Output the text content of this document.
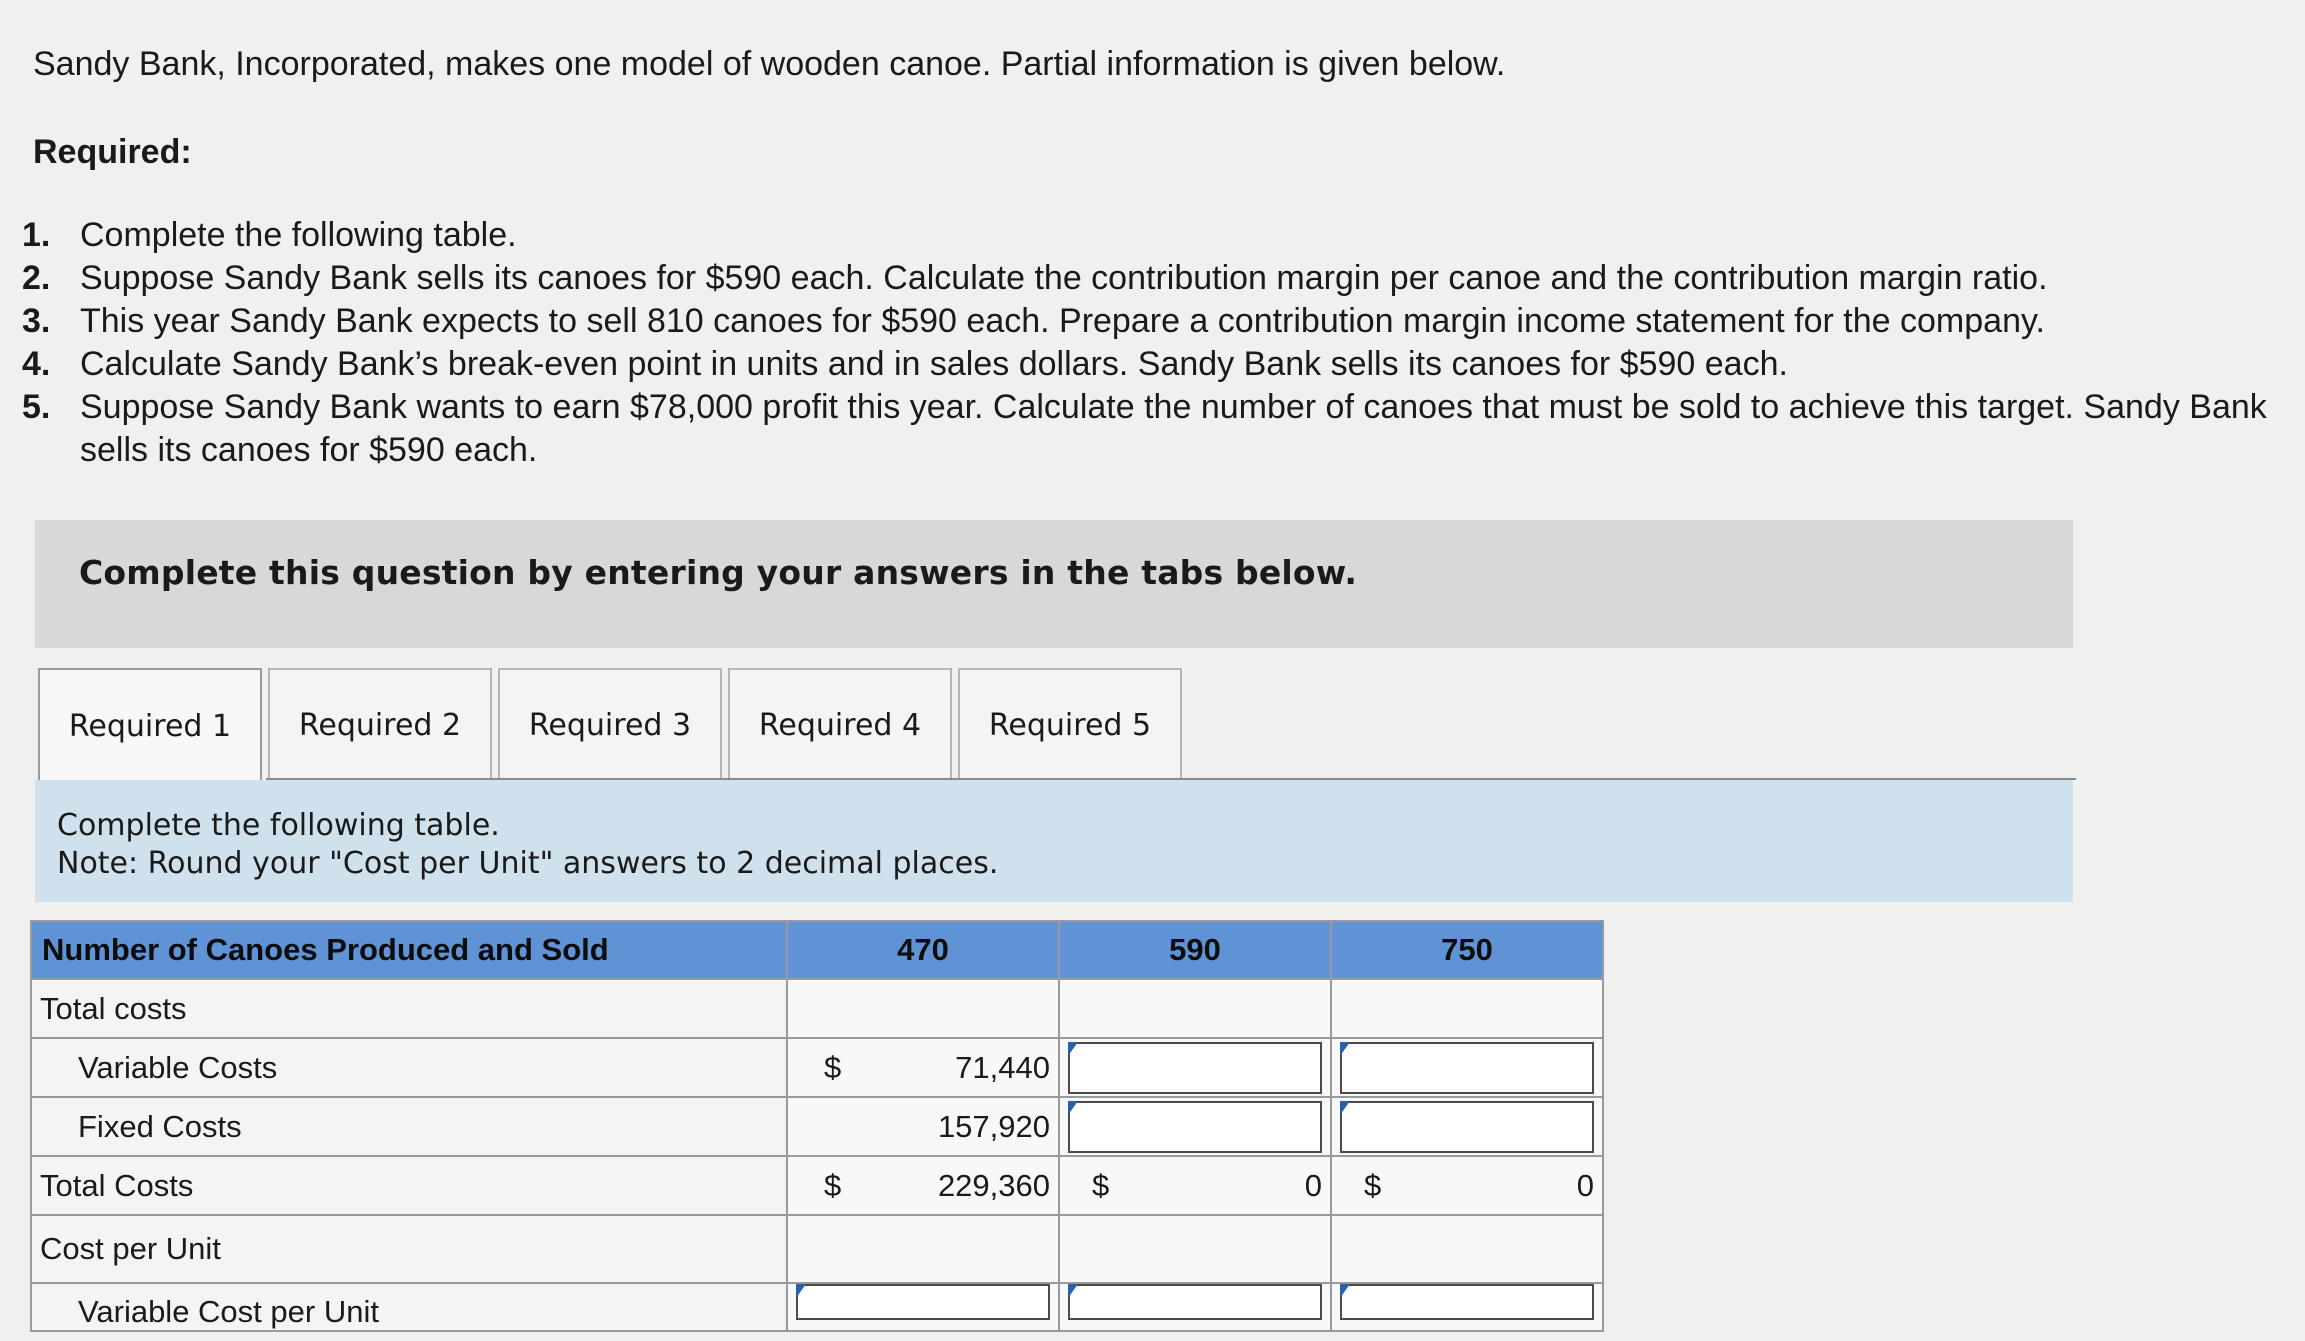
Sandy Bank, Incorporated, makes one model of wooden canoe. Partial information is given below.
Required:
1. Complete the following table.
2. Suppose Sandy Bank sells its canoes for $590 each. Calculate the contribution margin per canoe and the contribution margin ratio.
3. This year Sandy Bank expects to sell 810 canoes for $590 each. Prepare a contribution margin income statement for the company.
4. Calculate Sandy Bank’s break-even point in units and in sales dollars. Sandy Bank sells its canoes for $590 each.
5. Suppose Sandy Bank wants to earn $78,000 profit this year. Calculate the number of canoes that must be sold to achieve this target. Sandy Bank sells its canoes for $590 each.
Complete this question by entering your answers in the tabs below.
Required 1	Required 2	Required 3	Required 4	Required 5
Complete the following table.
Note: Round your "Cost per Unit" answers to 2 decimal places.
Number of Canoes Produced and Sold	470	590	750
Total costs			
Variable Costs	$ 71,440		

Fixed Costs	157,920	

Total Costs	$ 229,360	$ 0	$ 0

Cost per Unit			
Variable Cost per Unit	
